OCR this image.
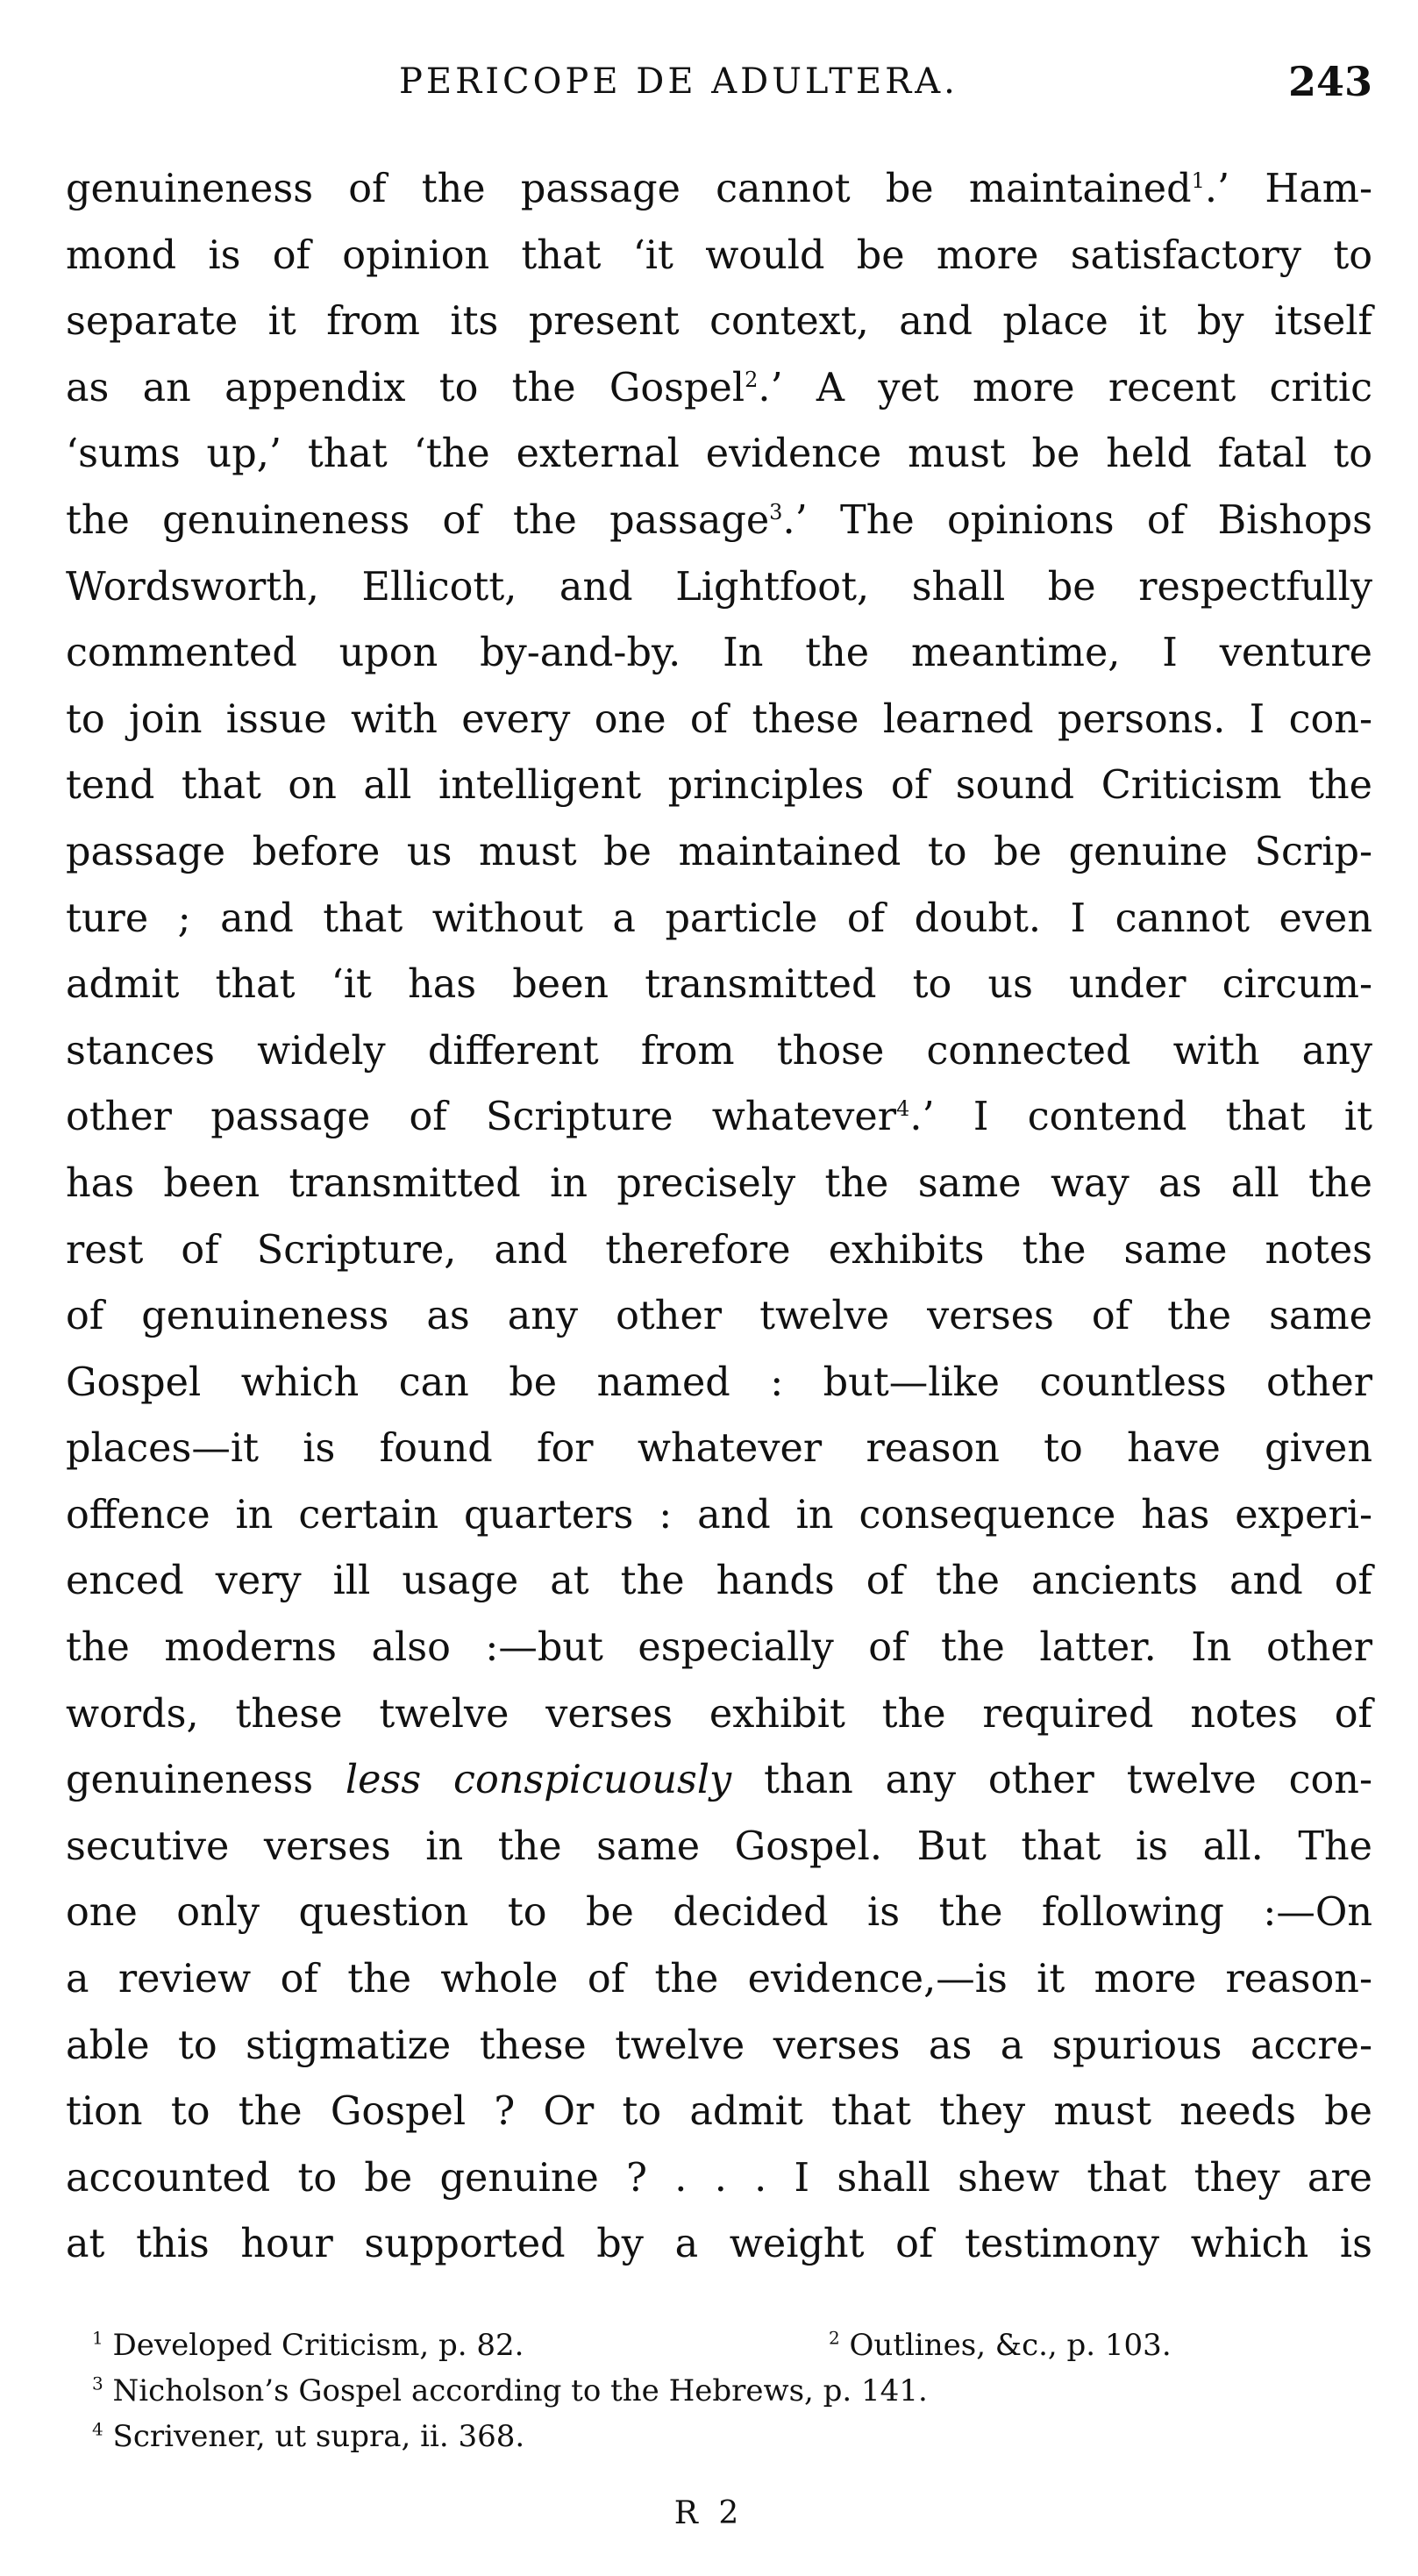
PERICOPE DE ADULTERA.	243
genuineness of the passage cannot be maintained$^1$.’ Ham-
mond is of opinion that ‘it would be more satisfactory to
separate it from its present context, and place it by itself
as an appendix to the Gospel$^2$.’ A yet more recent critic
‘sums up,’ that ‘the external evidence must be held fatal to
the genuineness of the passage$^3$.’ The opinions of Bishops
Wordsworth, Ellicott, and Lightfoot, shall be respectfully
commented upon by-and-by. In the meantime, I venture
to join issue with every one of these learned persons. I con-
tend that on all intelligent principles of sound Criticism the
passage before us must be maintained to be genuine Scrip-
ture ; and that without a particle of doubt. I cannot even
admit that ‘it has been transmitted to us under circum-
stances widely different from those connected with any
other passage of Scripture whatever$^4$.’ I contend that it
has been transmitted in precisely the same way as all the
rest of Scripture, and therefore exhibits the same notes
of genuineness as any other twelve verses of the same
Gospel which can be named : but—like countless other
places—it is found for whatever reason to have given
offence in certain quarters : and in consequence has experi-
enced very ill usage at the hands of the ancients and of
the moderns also :—but especially of the latter. In other
words, these twelve verses exhibit the required notes of
genuineness less conspicuously than any other twelve con-
secutive verses in the same Gospel. But that is all. The
one only question to be decided is the following :—On
a review of the whole of the evidence,—is it more reason-
able to stigmatize these twelve verses as a spurious accre-
tion to the Gospel ? Or to admit that they must needs be
accounted to be genuine ? . . . I shall shew that they are
at this hour supported by a weight of testimony which is
$^1$ Developed Criticism, p. 82.	$^2$ Outlines, &c., p. 103.
$^3$ Nicholson’s Gospel according to the Hebrews, p. 141.
$^4$ Scrivener, ut supra, ii. 368.
R 2
